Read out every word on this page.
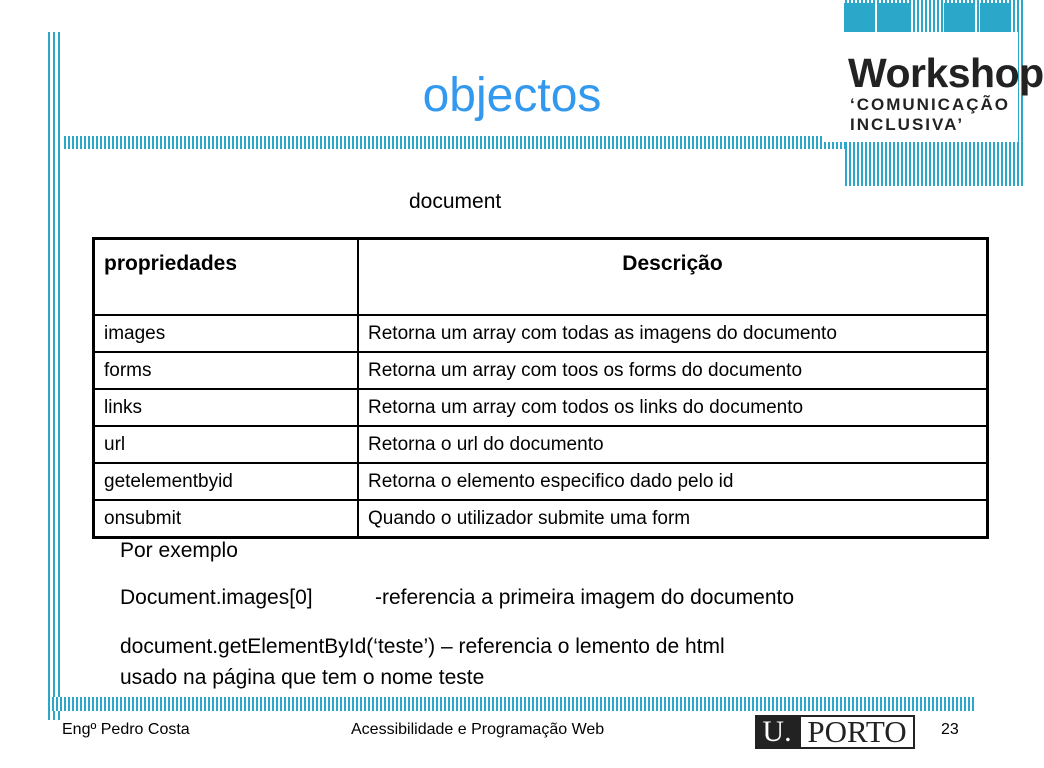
Workshop
‘COMUNICAÇÃO
INCLUSIVA’
objectos
document
propriedades	Descrição
images	Retorna um array com todas as imagens do documento
forms	Retorna um array com toos os forms do documento
links	Retorna um array com todos os links do documento
url	Retorna o url do documento
getelementbyid	Retorna o elemento especifico dado pelo id
onsubmit	Quando o utilizador submite uma form
Por exemplo
Document.images[0]	-referencia a primeira imagem do documento
document.getElementById(‘teste’) – referencia o lemento de html
usado na página que tem o nome teste
Engº Pedro Costa	Acessibilidade e Programação Web	U. PORTO	23
